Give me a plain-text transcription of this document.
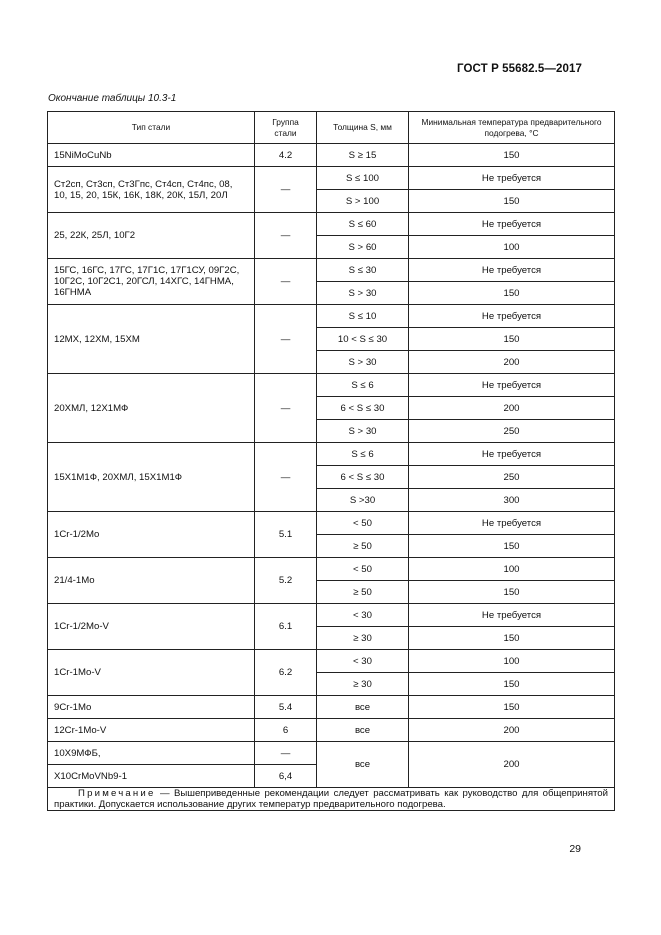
ГОСТ Р 55682.5—2017
Окончание таблицы 10.3-1
Тип стали	Группа стали	Толщина S, мм	Минимальная температура предварительного подогрева, °С
15NiMoCuNb	4.2	S ≥ 15	150
Ст2сп, Ст3сп, Ст3Гпс, Ст4сп, Ст4пс, 08, 10, 15, 20, 15К, 16К, 18К, 20К, 15Л, 20Л	—	S ≤ 100	Не требуется
		S > 100	150
25, 22К, 25Л, 10Г2	—	S ≤ 60	Не требуется
		S > 60	100
15ГС, 16ГС, 17ГС, 17Г1С, 17Г1СУ, 09Г2С, 10Г2С, 10Г2С1, 20ГСЛ, 14ХГС, 14ГНМА, 16ГНМА	—	S ≤ 30	Не требуется
		S > 30	150
12МХ, 12ХМ, 15ХМ	—	S ≤ 10	Не требуется
		10 < S ≤ 30	150
		S > 30	200
20ХМЛ, 12Х1МФ	—	S ≤ 6	Не требуется
		6 < S ≤ 30	200
		S > 30	250
15Х1М1Ф, 20ХМЛ, 15Х1М1Ф	—	S ≤ 6	Не требуется
		6 < S ≤ 30	250
		S >30	300
1Cr-1/2Mo	5.1	< 50	Не требуется
		≥ 50	150
21/4-1Mo	5.2	< 50	100
		≥ 50	150
1Cr-1/2Mo-V	6.1	< 30	Не требуется
		≥ 30	150
1Cr-1Mo-V	6.2	< 30	100
		≥ 30	150
9Cr-1Mo	5.4	все	150
12Cr-1Mo-V	6	все	200
10Х9МФБ,	—	все	200
X10CrMoVNb9-1	6,4		
Примечание — Вышеприведенные рекомендации следует рассматривать как руководство для общепринятой практики. Допускается использование других температур предварительного подогрева.			
29
